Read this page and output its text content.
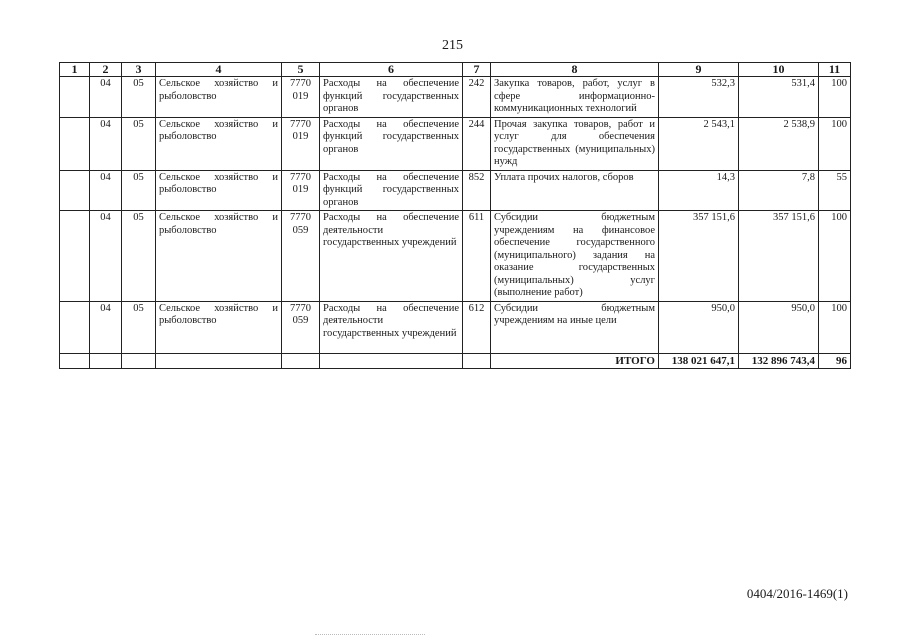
215
1	2	3	4	5	6	7	8	9	10	11
	04	05	Сельское хозяйство и рыболовство	7770 019	Расходы на обеспечение функций государственных органов	242	Закупка товаров, работ, услуг в сфере информационно-коммуникационных технологий	532,3	531,4	100
	04	05	Сельское хозяйство и рыболовство	7770 019	Расходы на обеспечение функций государственных органов	244	Прочая закупка товаров, работ и услуг для обеспечения государственных (муниципальных) нужд	2 543,1	2 538,9	100
	04	05	Сельское хозяйство и рыболовство	7770 019	Расходы на обеспечение функций государственных органов	852	Уплата прочих налогов, сборов	14,3	7,8	55
	04	05	Сельское хозяйство и рыболовство	7770 059	Расходы на обеспечение деятельности государственных учреждений	611	Субсидии бюджетным учреждениям на финансовое обеспечение государственного (муниципального) задания на оказание государственных (муниципальных) услуг (выполнение работ)	357 151,6	357 151,6	100
	04	05	Сельское хозяйство и рыболовство	7770 059	Расходы на обеспечение деятельности государственных учреждений	612	Субсидии бюджетным учреждениям на иные цели	950,0	950,0	100
							ИТОГО	138 021 647,1	132 896 743,4	96
0404/2016-1469(1)
